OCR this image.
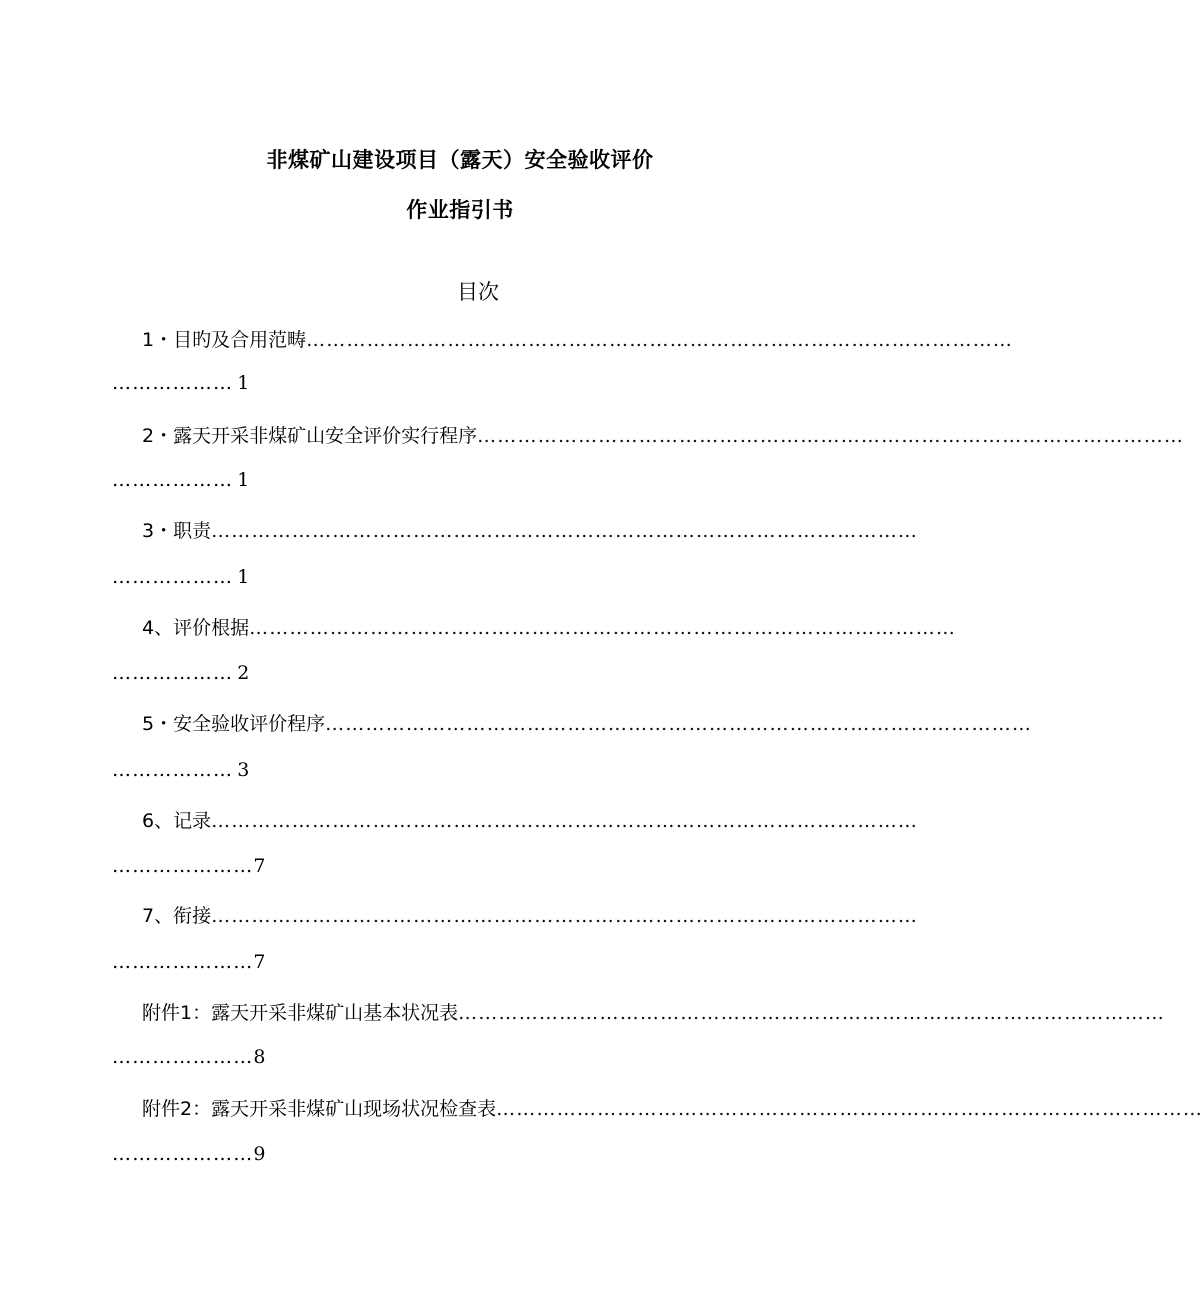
非煤矿山建设项目（露天）安全验收评价
作业指引书
目次
1・目旳及合用范畴 ……………………………………………………………………………………………
……………… 1
2・露天开采非煤矿山安全评价实行程序 ……………………………………………………………………………………………
……………… 1
3・职责 ……………………………………………………………………………………………
……………… 1
4、评价根据 ……………………………………………………………………………………………
……………… 2
5・安全验收评价程序 ……………………………………………………………………………………………
……………… 3
6、记录 ……………………………………………………………………………………………
…………………7
7、衔接 ……………………………………………………………………………………………
…………………7
附件1：露天开采非煤矿山基本状况表 ……………………………………………………………………………………………
…………………8
附件2：露天开采非煤矿山现场状况检查表 ……………………………………………………………………………………………
…………………9
